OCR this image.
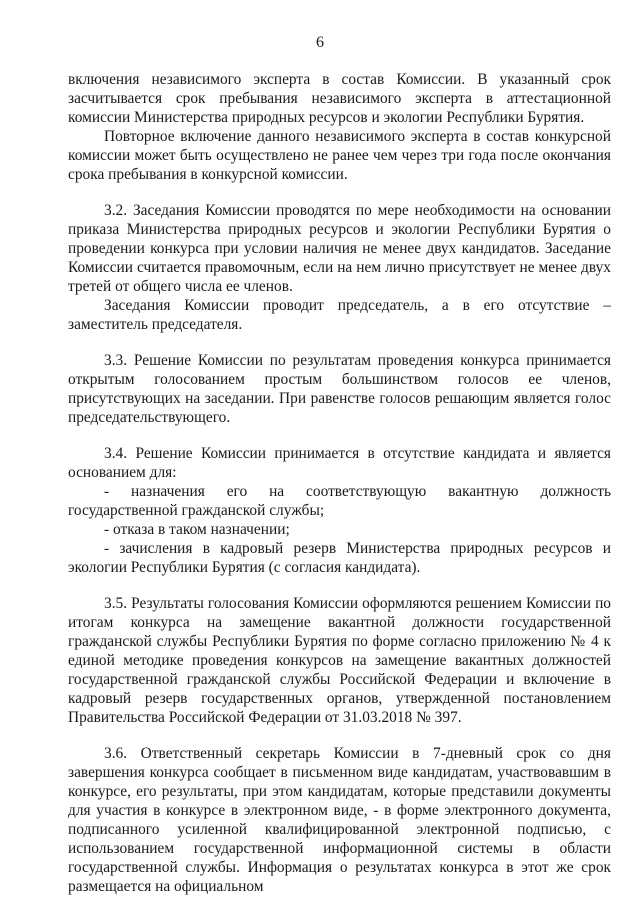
6

включения независимого эксперта в состав Комиссии. В указанный срок засчитывается срок пребывания независимого эксперта в аттестационной комиссии Министерства природных ресурсов и экологии Республики Бурятия.

Повторное включение данного независимого эксперта в состав конкурсной комиссии может быть осуществлено не ранее чем через три года после окончания срока пребывания в конкурсной комиссии.

3.2. Заседания Комиссии проводятся по мере необходимости на основании приказа Министерства природных ресурсов и экологии Республики Бурятия о проведении конкурса при условии наличия не менее двух кандидатов. Заседание Комиссии считается правомочным, если на нем лично присутствует не менее двух третей от общего числа ее членов.

Заседания Комиссии проводит председатель, а в его отсутствие – заместитель председателя.

3.3. Решение Комиссии по результатам проведения конкурса принимается открытым голосованием простым большинством голосов ее членов, присутствующих на заседании. При равенстве голосов решающим является голос председательствующего.

3.4. Решение Комиссии принимается в отсутствие кандидата и является основанием для:

- назначения его на соответствующую вакантную должность государственной гражданской службы;

- отказа в таком назначении;

- зачисления в кадровый резерв Министерства природных ресурсов и экологии Республики Бурятия (с согласия кандидата).

3.5. Результаты голосования Комиссии оформляются решением Комиссии по итогам конкурса на замещение вакантной должности государственной гражданской службы Республики Бурятия по форме согласно приложению № 4 к единой методике проведения конкурсов на замещение вакантных должностей государственной гражданской службы Российской Федерации и включение в кадровый резерв государственных органов, утвержденной постановлением Правительства Российской Федерации от 31.03.2018 № 397.

3.6. Ответственный секретарь Комиссии в 7-дневный срок со дня завершения конкурса сообщает в письменном виде кандидатам, участвовавшим в конкурсе, его результаты, при этом кандидатам, которые представили документы для участия в конкурсе в электронном виде, - в форме электронного документа, подписанного усиленной квалифицированной электронной подписью, с использованием государственной информационной системы в области государственной службы. Информация о результатах конкурса в этот же срок размещается на официальном
